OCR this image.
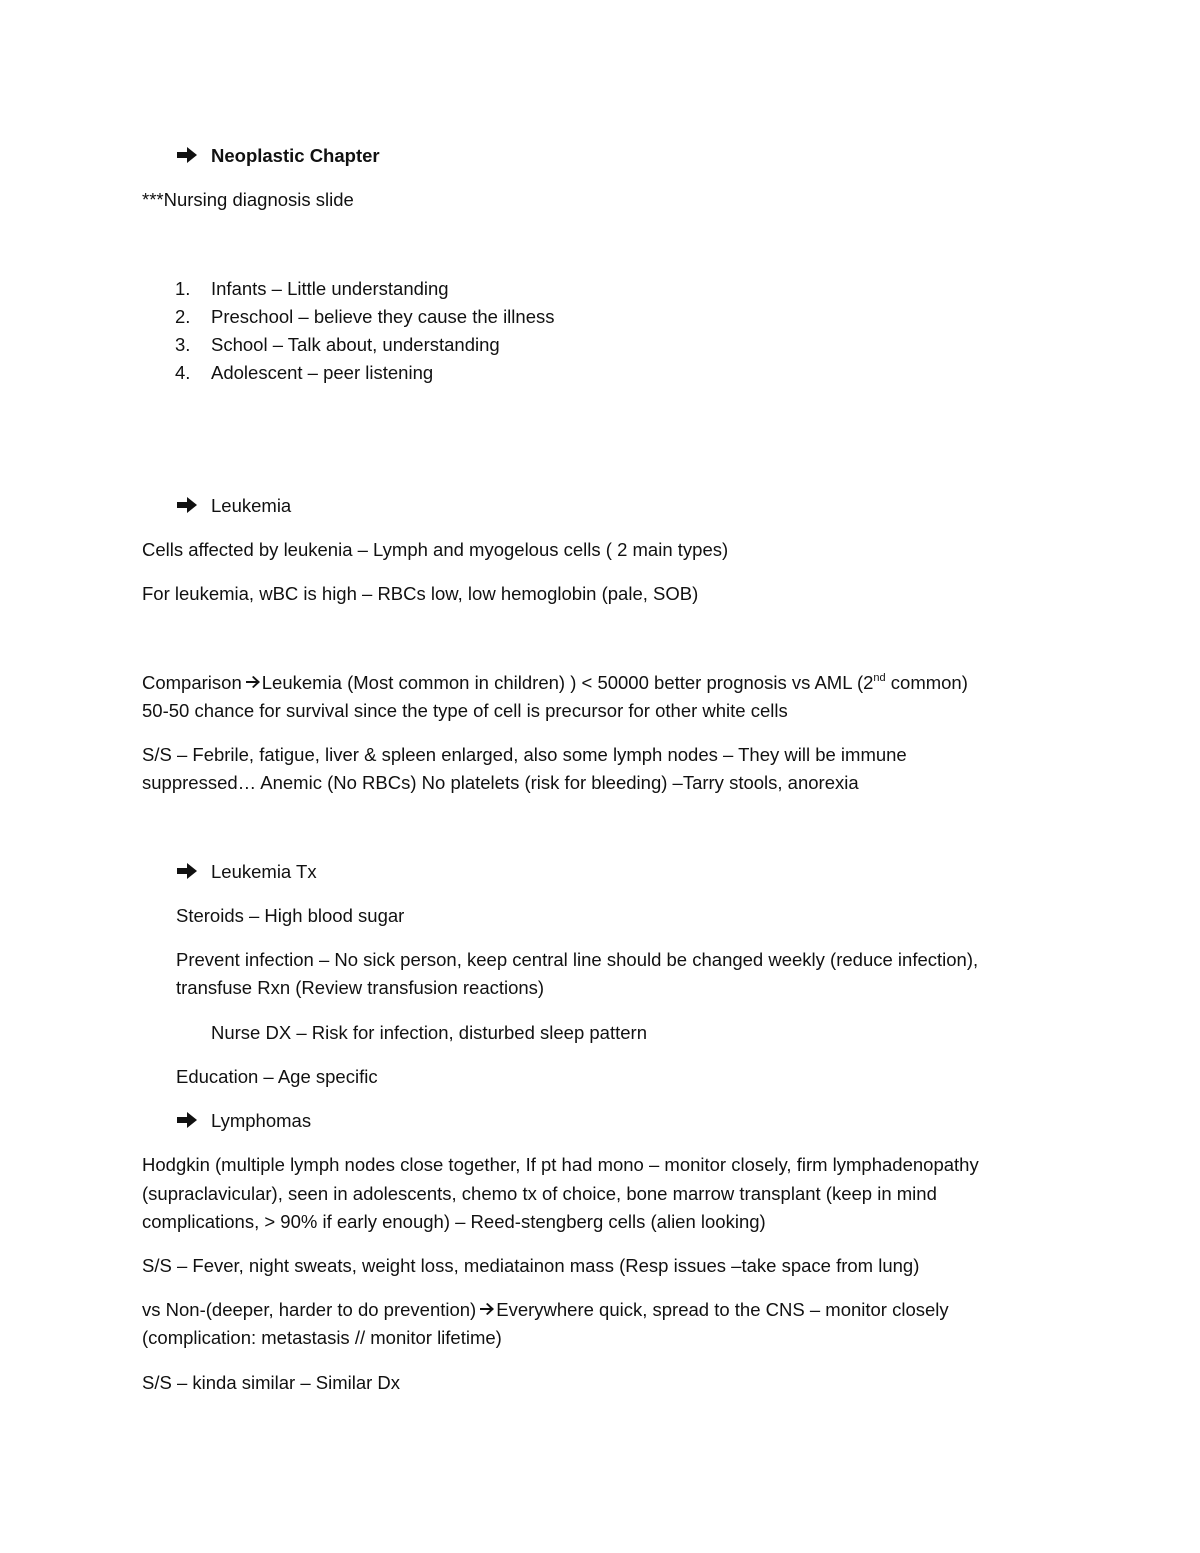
Neoplastic Chapter
***Nursing diagnosis slide
1. Infants – Little understanding
2. Preschool – believe they cause the illness
3. School – Talk about, understanding
4. Adolescent – peer listening
Leukemia
Cells affected by leukenia – Lymph and myogelous cells ( 2 main types)
For leukemia, wBC is high – RBCs low, low hemoglobin (pale, SOB)
Comparison Leukemia (Most common in children) ) < 50000 better prognosis vs AML (2nd common)
50-50 chance for survival since the type of cell is precursor for other white cells
S/S – Febrile, fatigue, liver & spleen enlarged, also some lymph nodes – They will be immune
suppressed… Anemic (No RBCs) No platelets (risk for bleeding) –Tarry stools, anorexia
Leukemia Tx
Steroids – High blood sugar
Prevent infection – No sick person, keep central line should be changed weekly (reduce infection),
transfuse Rxn (Review transfusion reactions)
Nurse DX – Risk for infection, disturbed sleep pattern
Education – Age specific
Lymphomas
Hodgkin (multiple lymph nodes close together, If pt had mono – monitor closely, firm lymphadenopathy
(supraclavicular), seen in adolescents, chemo tx of choice, bone marrow transplant (keep in mind
complications, > 90% if early enough) – Reed-stengberg cells (alien looking)
S/S – Fever, night sweats, weight loss, mediatainon mass (Resp issues –take space from lung)
vs Non-(deeper, harder to do prevention) Everywhere quick, spread to the CNS – monitor closely
(complication: metastasis // monitor lifetime)
S/S – kinda similar – Similar Dx
